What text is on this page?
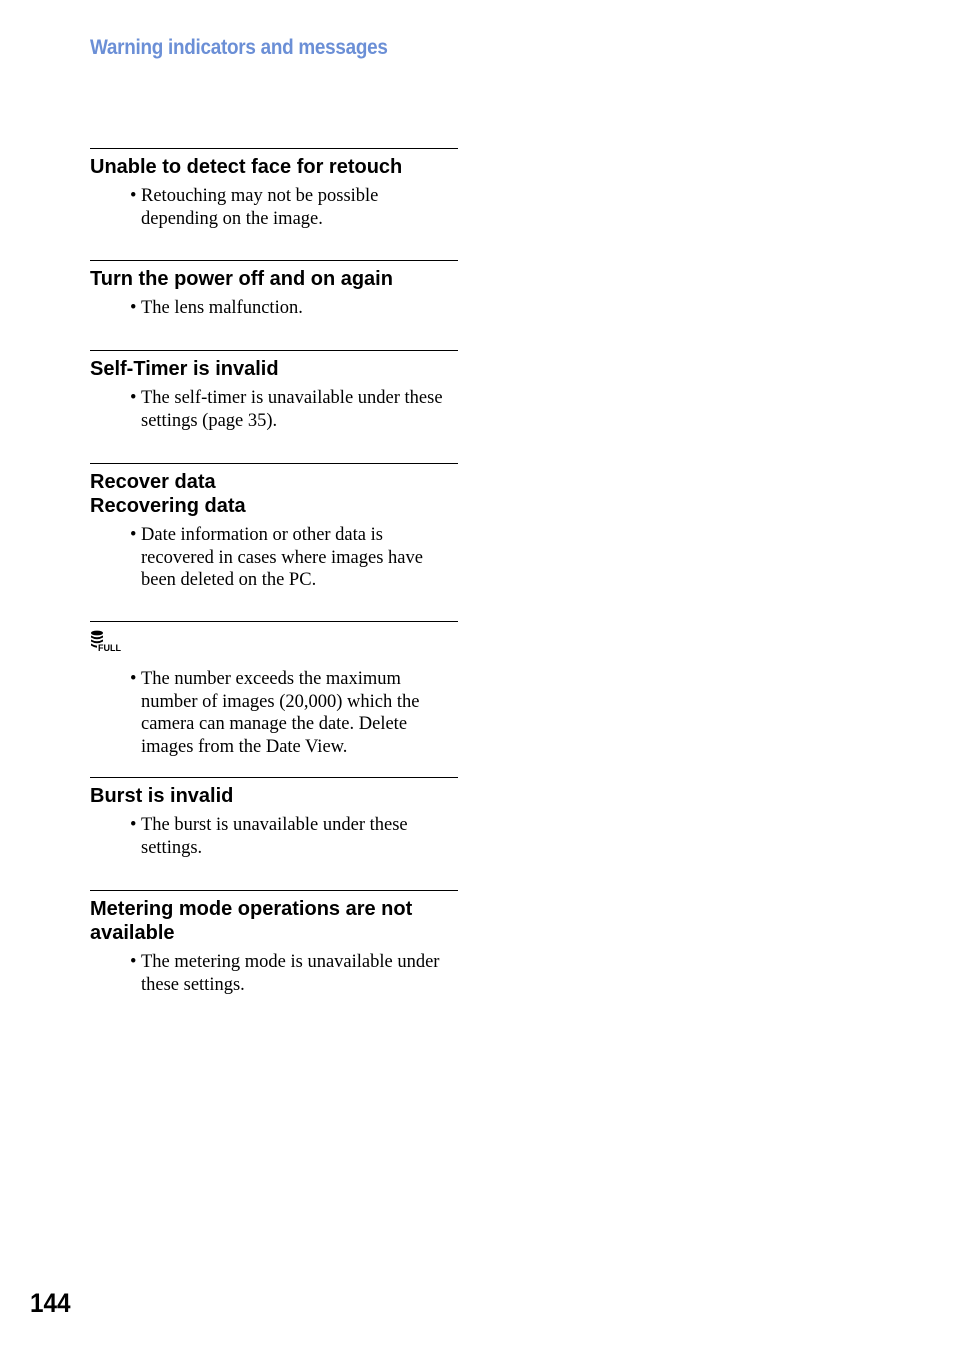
Warning indicators and messages
Unable to detect face for retouch
• Retouching may not be possible depending on the image.
Turn the power off and on again
• The lens malfunction.
Self-Timer is invalid
• The self-timer is unavailable under these settings (page 35).
Recover data
Recovering data
• Date information or other data is recovered in cases where images have been deleted on the PC.
FULL
• The number exceeds the maximum number of images (20,000) which the camera can manage the date. Delete images from the Date View.
Burst is invalid
• The burst is unavailable under these settings.
Metering mode operations are not available
• The metering mode is unavailable under these settings.
144
